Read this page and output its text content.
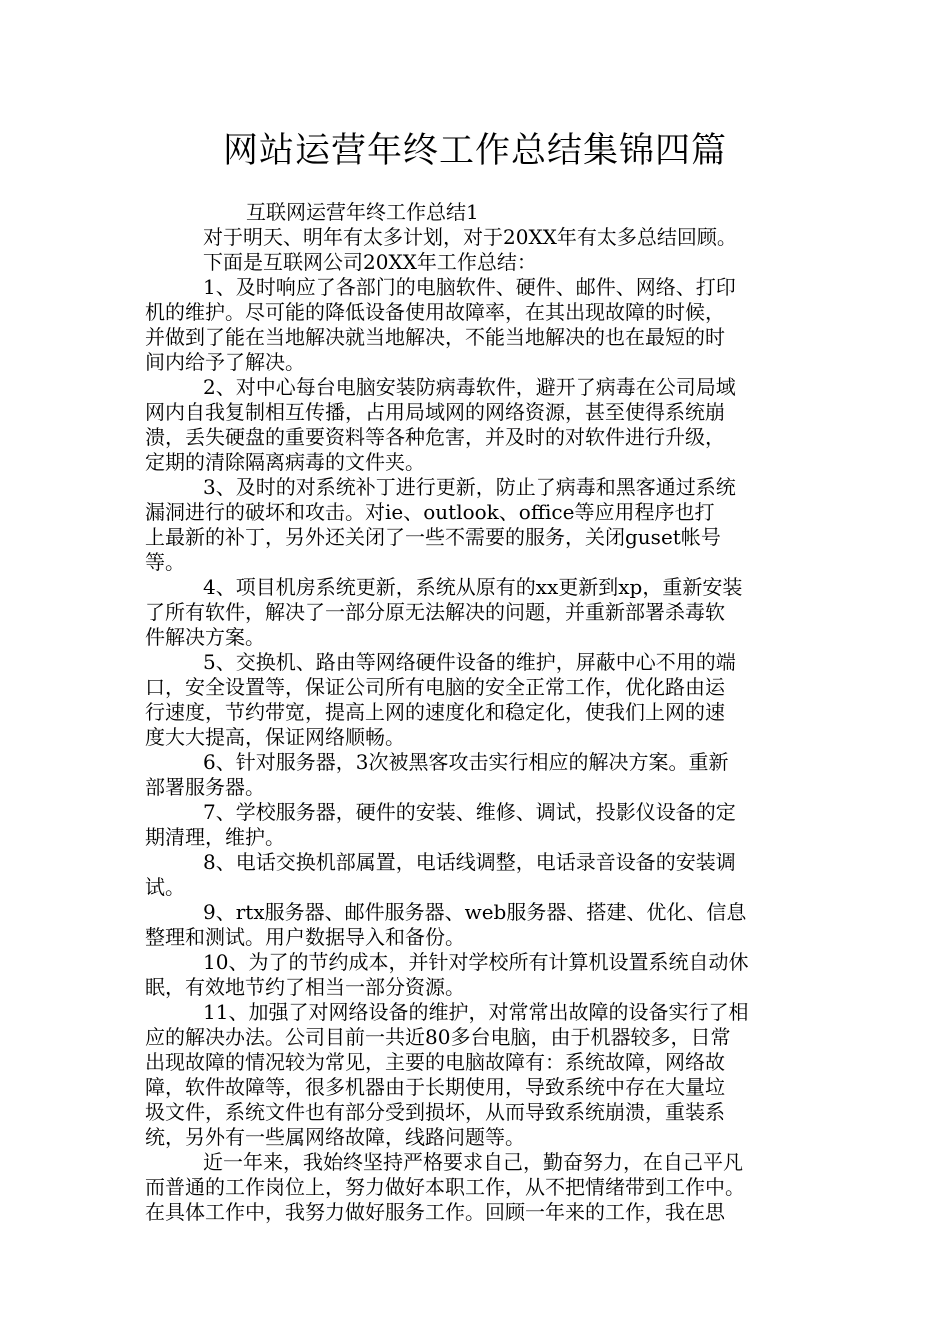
网站运营年终工作总结集锦四篇
互联网运营年终工作总结1
对于明天、明年有太多计划，对于20XX年有太多总结回顾。
下面是互联网公司20XX年工作总结：
1、及时响应了各部门的电脑软件、硬件、邮件、网络、打印
机的维护。尽可能的降低设备使用故障率，在其出现故障的时候，
并做到了能在当地解决就当地解决，不能当地解决的也在最短的时
间内给予了解决。
2、对中心每台电脑安装防病毒软件，避开了病毒在公司局域
网内自我复制相互传播，占用局域网的网络资源，甚至使得系统崩
溃，丢失硬盘的重要资料等各种危害，并及时的对软件进行升级，
定期的清除隔离病毒的文件夹。
3、及时的对系统补丁进行更新，防止了病毒和黑客通过系统
漏洞进行的破坏和攻击。对ie、outlook、office等应用程序也打
上最新的补丁，另外还关闭了一些不需要的服务，关闭guset帐号
等。
4、项目机房系统更新，系统从原有的xx更新到xp，重新安装
了所有软件，解决了一部分原无法解决的问题，并重新部署杀毒软
件解决方案。
5、交换机、路由等网络硬件设备的维护，屏蔽中心不用的端
口，安全设置等，保证公司所有电脑的安全正常工作，优化路由运
行速度，节约带宽，提高上网的速度化和稳定化，使我们上网的速
度大大提高，保证网络顺畅。
6、针对服务器，3次被黑客攻击实行相应的解决方案。重新
部署服务器。
7、学校服务器，硬件的安装、维修、调试，投影仪设备的定
期清理，维护。
8、电话交换机部属置，电话线调整，电话录音设备的安装调
试。
9、rtx服务器、邮件服务器、web服务器、搭建、优化、信息
整理和测试。用户数据导入和备份。
10、为了的节约成本，并针对学校所有计算机设置系统自动休
眠，有效地节约了相当一部分资源。
11、加强了对网络设备的维护，对常常出故障的设备实行了相
应的解决办法。公司目前一共近80多台电脑，由于机器较多，日常
出现故障的情况较为常见，主要的电脑故障有：系统故障，网络故
障，软件故障等，很多机器由于长期使用，导致系统中存在大量垃
圾文件，系统文件也有部分受到损坏，从而导致系统崩溃，重装系
统，另外有一些属网络故障，线路问题等。
近一年来，我始终坚持严格要求自己，勤奋努力，在自己平凡
而普通的工作岗位上，努力做好本职工作，从不把情绪带到工作中。
在具体工作中，我努力做好服务工作。回顾一年来的工作，我在思
